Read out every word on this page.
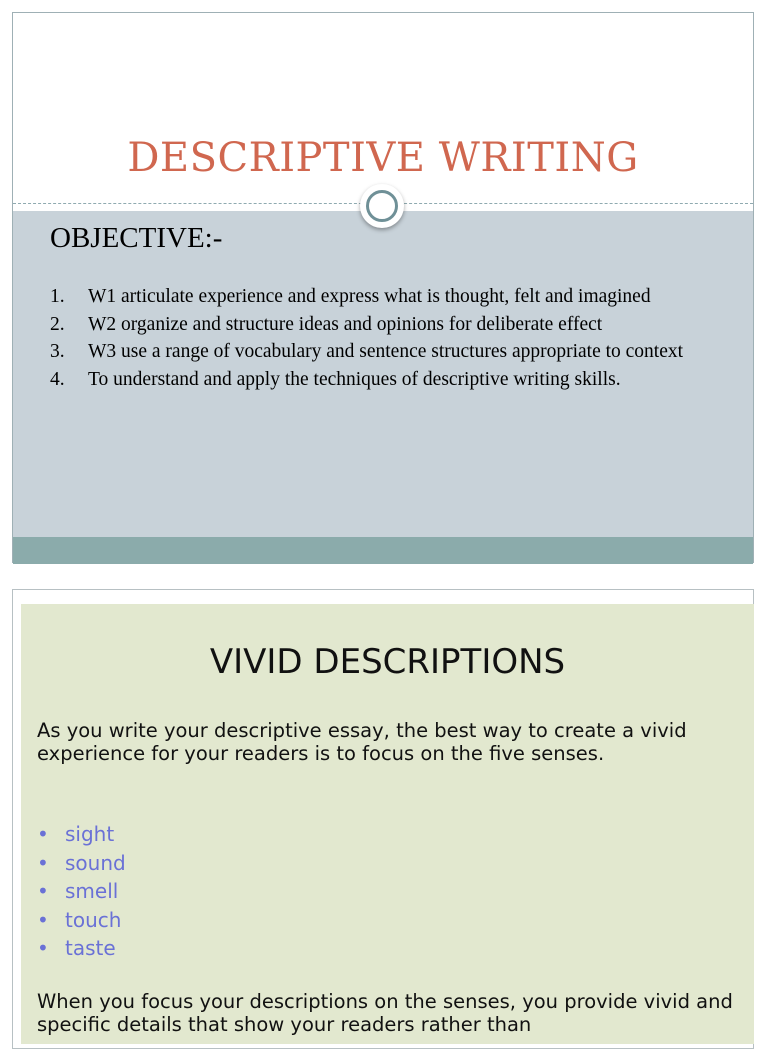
DESCRIPTIVE WRITING
OBJECTIVE:-
1. W1 articulate experience and express what is thought, felt and imagined
2. W2 organize and structure ideas and opinions for deliberate effect
3. W3 use a range of vocabulary and sentence structures appropriate to context
4. To understand and apply the techniques of descriptive writing skills.
VIVID DESCRIPTIONS

As you write your descriptive essay, the best way to create a vivid experience for your readers is to focus on the five senses.

• sight
• sound
• smell
• touch
• taste

When you focus your descriptions on the senses, you provide vivid and specific details that show your readers rather than
